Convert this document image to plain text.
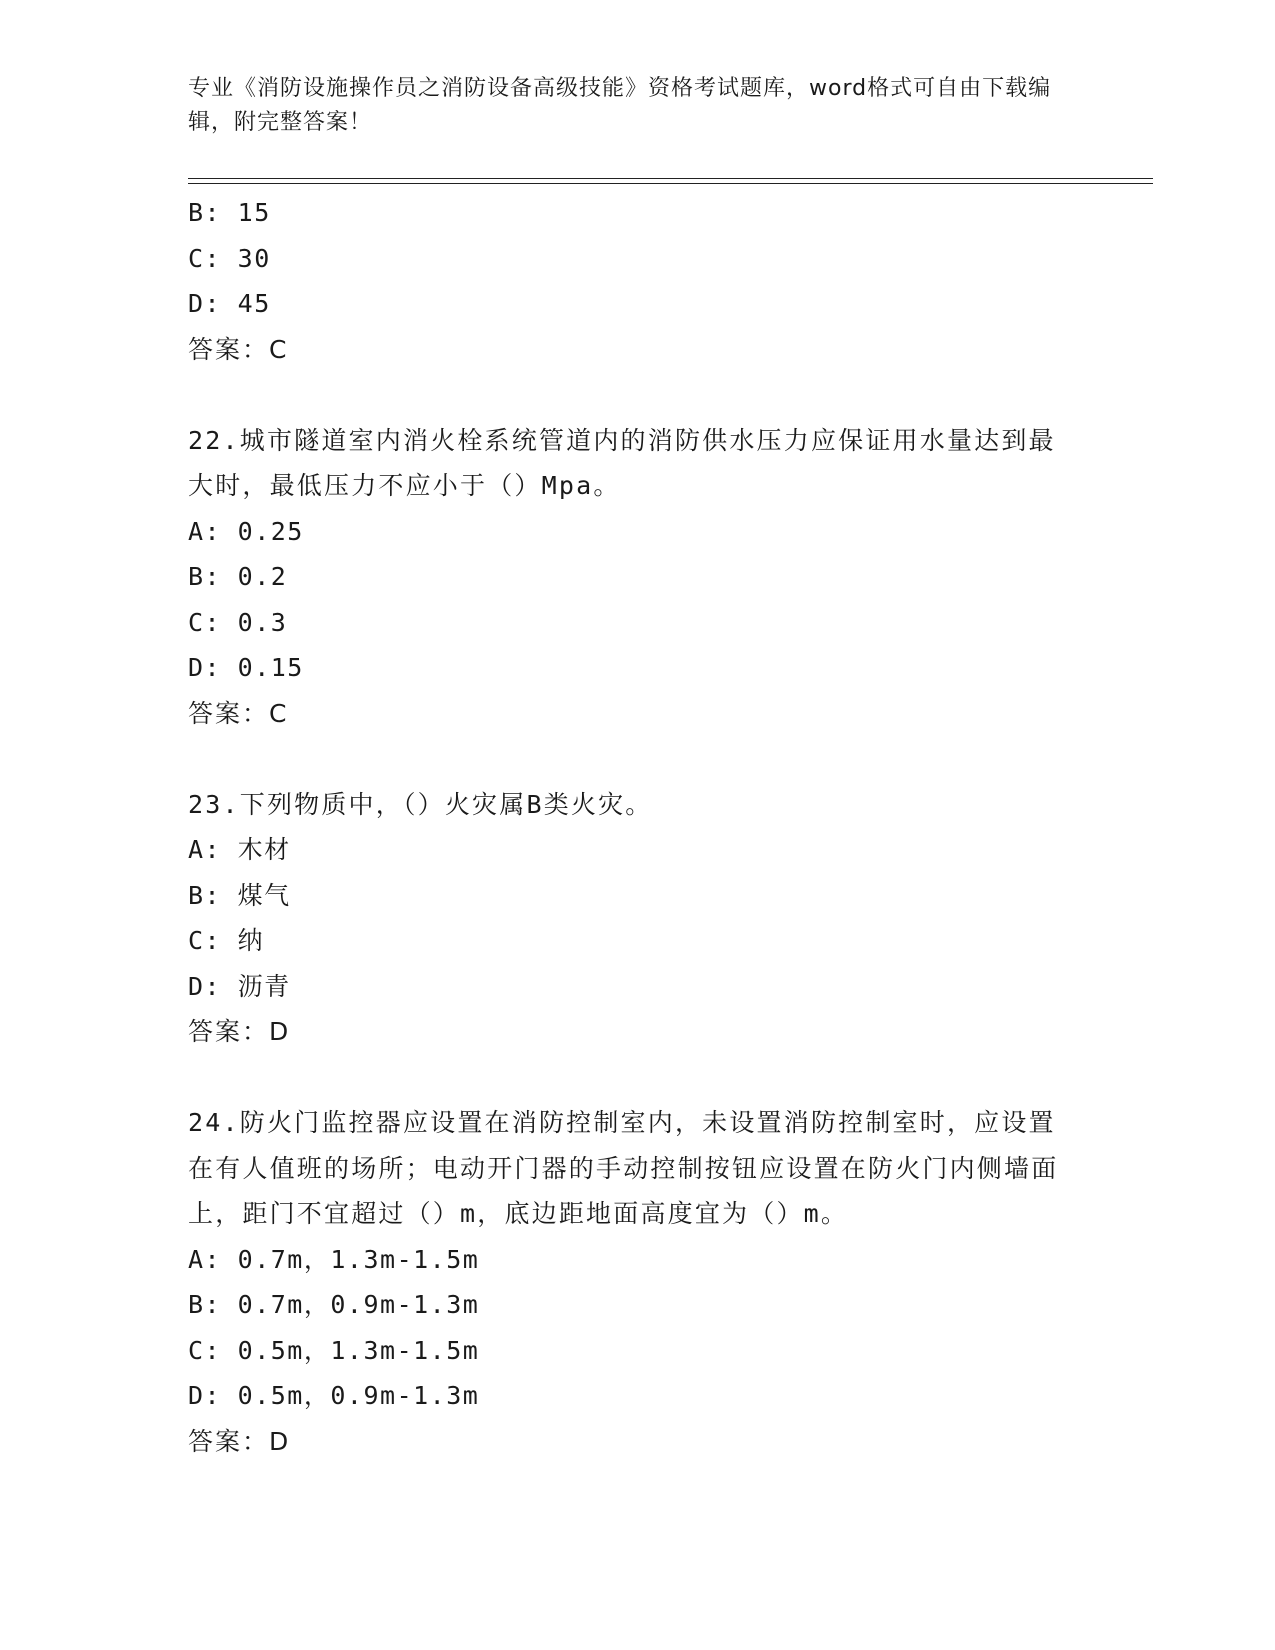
专业《消防设施操作员之消防设备高级技能》资格考试题库，word格式可自由下载编辑，附完整答案！
B: 15
C: 30
D: 45
答案：C
22.城市隧道室内消火栓系统管道内的消防供水压力应保证用水量达到最大时，最低压力不应小于（）Mpa。
A: 0.25
B: 0.2
C: 0.3
D: 0.15
答案：C
23.下列物质中，（）火灾属B类火灾。
A: 木材
B: 煤气
C: 纳
D: 沥青
答案：D
24.防火门监控器应设置在消防控制室内，未设置消防控制室时，应设置在有人值班的场所；电动开门器的手动控制按钮应设置在防火门内侧墙面上，距门不宜超过（）m，底边距地面高度宜为（）m。
A: 0.7m，1.3m-1.5m
B: 0.7m，0.9m-1.3m
C: 0.5m，1.3m-1.5m
D: 0.5m，0.9m-1.3m
答案：D
